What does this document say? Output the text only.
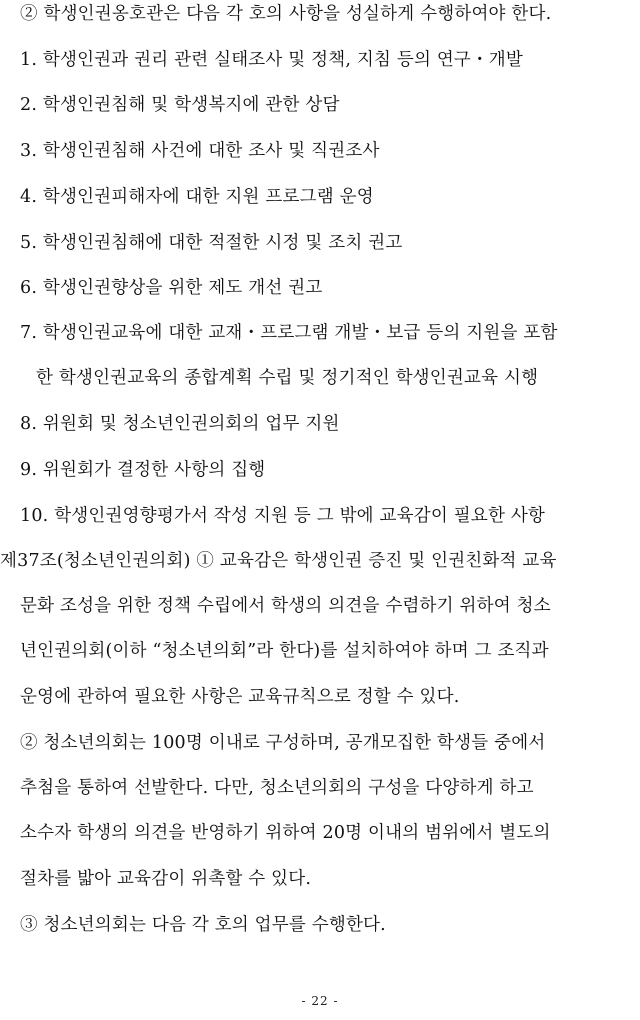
② 학생인권옹호관은 다음 각 호의 사항을 성실하게 수행하여야 한다.
1. 학생인권과 권리 관련 실태조사 및 정책, 지침 등의 연구・개발
2. 학생인권침해 및 학생복지에 관한 상담
3. 학생인권침해 사건에 대한 조사 및 직권조사
4. 학생인권피해자에 대한 지원 프로그램 운영
5. 학생인권침해에 대한 적절한 시정 및 조치 권고
6. 학생인권향상을 위한 제도 개선 권고
7. 학생인권교육에 대한 교재・프로그램 개발・보급 등의 지원을 포함
한 학생인권교육의 종합계획 수립 및 정기적인 학생인권교육 시행
8. 위원회 및 청소년인권의회의 업무 지원
9. 위원회가 결정한 사항의 집행
10. 학생인권영향평가서 작성 지원 등 그 밖에 교육감이 필요한 사항
제37조(청소년인권의회) ① 교육감은 학생인권 증진 및 인권친화적 교육
문화 조성을 위한 정책 수립에서 학생의 의견을 수렴하기 위하여 청소
년인권의회(이하 “청소년의회”라 한다)를 설치하여야 하며 그 조직과
운영에 관하여 필요한 사항은 교육규칙으로 정할 수 있다.
② 청소년의회는 100명 이내로 구성하며, 공개모집한 학생들 중에서
추첨을 통하여 선발한다. 다만, 청소년의회의 구성을 다양하게 하고
소수자 학생의 의견을 반영하기 위하여 20명 이내의 범위에서 별도의
절차를 밟아 교육감이 위촉할 수 있다.
③ 청소년의회는 다음 각 호의 업무를 수행한다.
- 22 -
